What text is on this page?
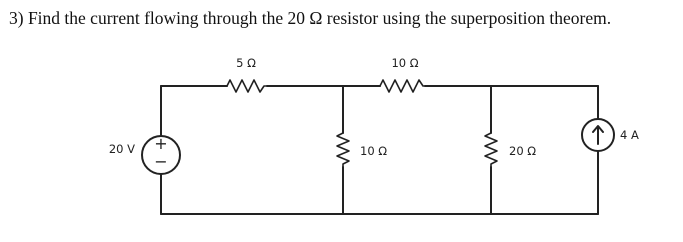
3) Find the current flowing through the 20 Ω resistor using the superposition theorem.

5 Ω	10 Ω
10 Ω	20 Ω
+
−
20 V
4 A
